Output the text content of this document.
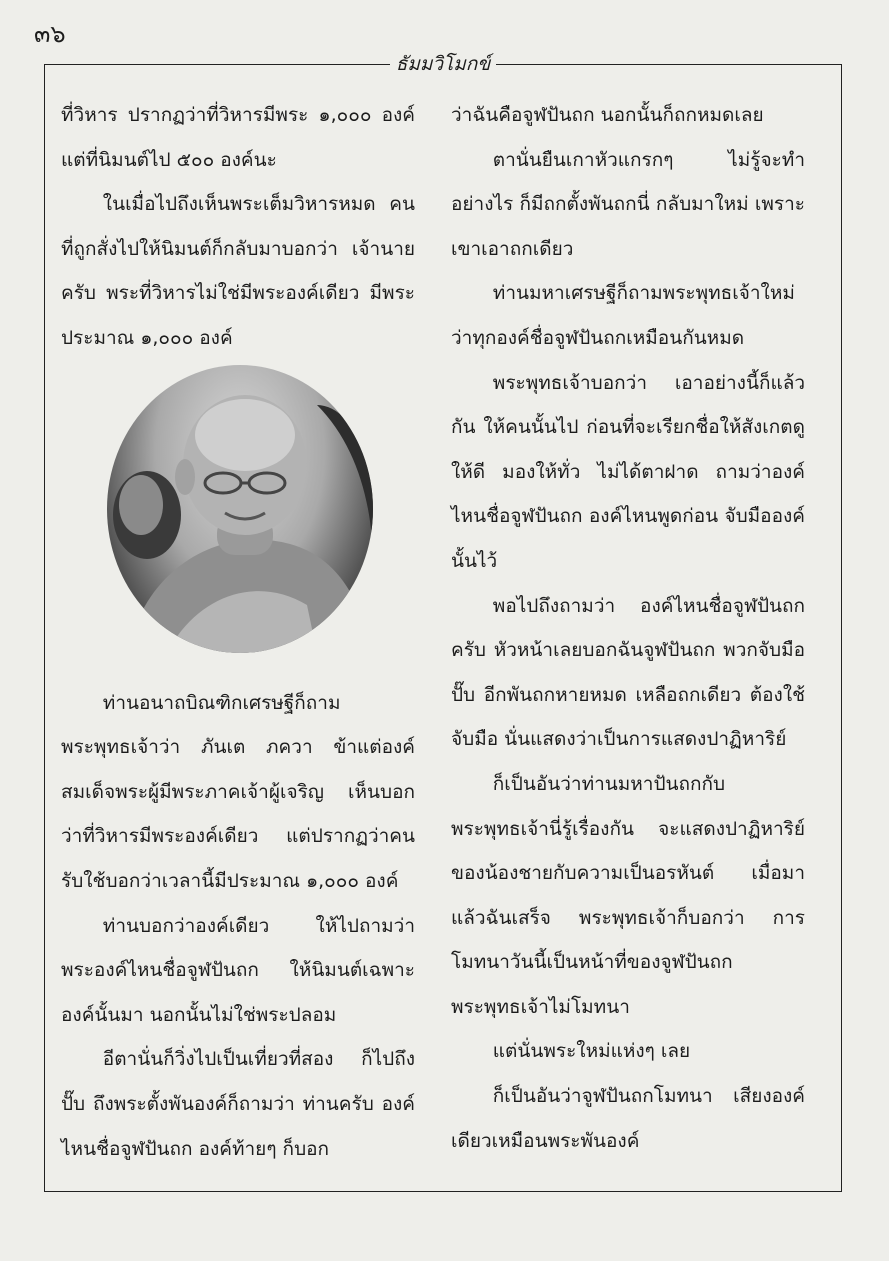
๓๖
ธัมมวิโมกข์

ที่วิหาร ปรากฏว่าที่วิหารมีพระ ๑,๐๐๐ องค์ แต่ที่นิมนต์ไป ๕๐๐ องค์นะ

ในเมื่อไปถึงเห็นพระเต็มวิหารหมด คนที่ถูกสั่งไปให้นิมนต์ก็กลับมาบอกว่า เจ้านายครับ พระที่วิหารไม่ใช่มีพระองค์เดียว มีพระประมาณ ๑,๐๐๐ องค์

ท่านอนาถบิณฑิกเศรษฐีก็ถาม พระพุทธเจ้าว่า ภันเต ภควา ข้าแต่องค์สมเด็จพระผู้มีพระภาคเจ้าผู้เจริญ เห็นบอกว่าที่วิหารมีพระองค์เดียว แต่ปรากฏว่าคนรับใช้บอกว่าเวลานี้มีประมาณ ๑,๐๐๐ องค์

ท่านบอกว่าองค์เดียว ให้ไปถามว่าพระองค์ไหนชื่อจูฬปันถก ให้นิมนต์เฉพาะองค์นั้นมา นอกนั้นไม่ใช่พระปลอม

อีตานั่นก็วิ่งไปเป็นเที่ยวที่สอง ก็ไปถึงปั๊บ ถึงพระตั้งพันองค์ก็ถามว่า ท่านครับ องค์ไหนชื่อจูฬปันถก องค์ท้ายๆ ก็บอก

ว่าฉันคือจูฬปันถก นอกนั้นก็ถกหมดเลย

ตานั่นยืนเกาหัวแกรกๆ ไม่รู้จะทำอย่างไร ก็มีถกตั้งพันถกนี่ กลับมาใหม่ เพราะเขาเอาถกเดียว

ท่านมหาเศรษฐีก็ถามพระพุทธเจ้าใหม่ว่าทุกองค์ชื่อจูฬปันถกเหมือนกันหมด

พระพุทธเจ้าบอกว่า เอาอย่างนี้ก็แล้วกัน ให้คนนั้นไป ก่อนที่จะเรียกชื่อให้สังเกตดูให้ดี มองให้ทั่ว ไม่ได้ตาฝาด ถามว่าองค์ไหนชื่อจูฬปันถก องค์ไหนพูดก่อน จับมือองค์นั้นไว้

พอไปถึงถามว่า องค์ไหนชื่อจูฬปันถกครับ หัวหน้าเลยบอกฉันจูฬปันถก พวกจับมือปั๊บ อีกพันถกหายหมด เหลือถกเดียว ต้องใช้จับมือ นั่นแสดงว่าเป็นการแสดงปาฏิหาริย์

ก็เป็นอันว่าท่านมหาปันถกกับพระพุทธเจ้านี่รู้เรื่องกัน จะแสดงปาฏิหาริย์ของน้องชายกับความเป็นอรหันต์ เมื่อมาแล้วฉันเสร็จ พระพุทธเจ้าก็บอกว่า การโมทนาวันนี้เป็นหน้าที่ของจูฬปันถก พระพุทธเจ้าไม่โมทนา

แต่นั่นพระใหม่แห่งๆ เลย

ก็เป็นอันว่าจูฬปันถกโมทนา เสียงองค์เดียวเหมือนพระพันองค์
